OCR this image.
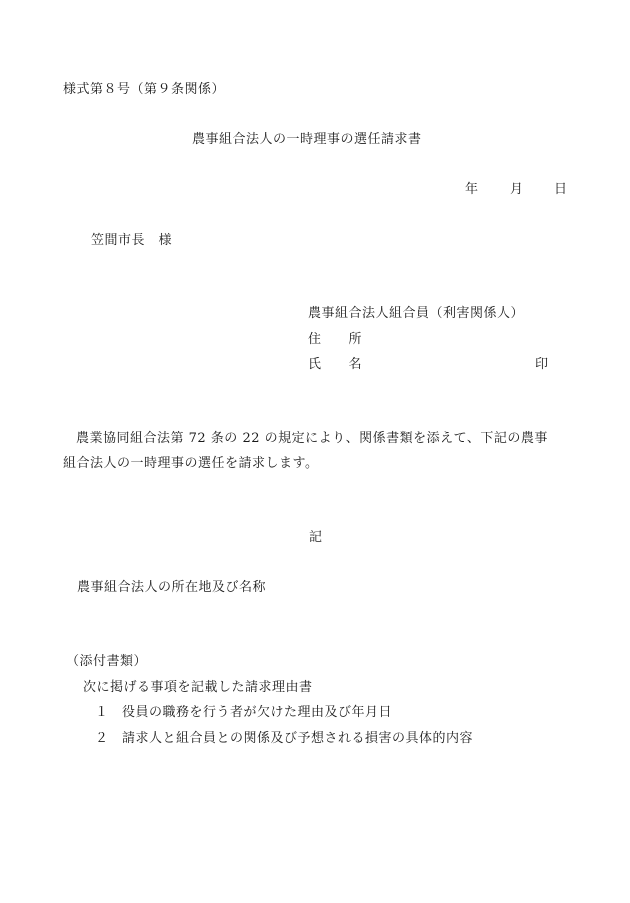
様式第８号（第９条関係）
農事組合法人の一時理事の選任請求書
年 月 日
笠間市長　様
農事組合法人組合員（利害関係人）
住　　所
氏　　名	印
農業協同組合法第 72 条の 22 の規定により、関係書類を添えて、下記の農事
組合法人の一時理事の選任を請求します。
記
農事組合法人の所在地及び名称
（添付書類）
次に掲げる事項を記載した請求理由書
１ 役員の職務を行う者が欠けた理由及び年月日
２ 請求人と組合員との関係及び予想される損害の具体的内容
